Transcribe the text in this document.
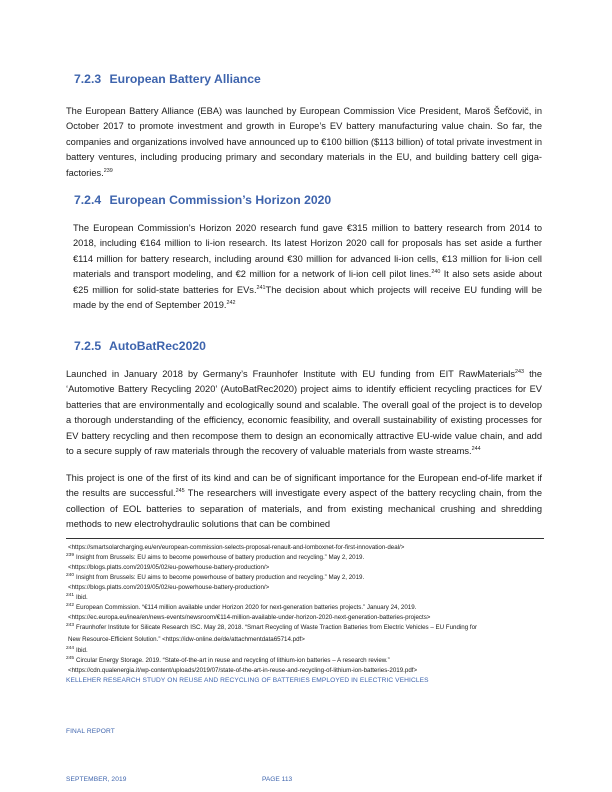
7.2.3 European Battery Alliance

The European Battery Alliance (EBA) was launched by European Commission Vice President, Maroš Šefčovič, in October 2017 to promote investment and growth in Europe’s EV battery manufacturing value chain. So far, the companies and organizations involved have announced up to €100 billion ($113 billion) of total private investment in battery ventures, including producing primary and secondary materials in the EU, and building battery cell giga-factories.$^{239}$

7.2.4 European Commission’s Horizon 2020

The European Commission’s Horizon 2020 research fund gave €315 million to battery research from 2014 to 2018, including €164 million to li-ion research. Its latest Horizon 2020 call for proposals has set aside a further €114 million for battery research, including around €30 million for advanced li-ion cells, €13 million for li-ion cell materials and transport modeling, and €2 million for a network of li-ion cell pilot lines.$^{240}$ It also sets aside about €25 million for solid-state batteries for EVs.$^{241}$The decision about which projects will receive EU funding will be made by the end of September 2019.$^{242}$

7.2.5 AutoBatRec2020

Launched in January 2018 by Germany’s Fraunhofer Institute with EU funding from EIT RawMaterials$^{243}$ the ‘Automotive Battery Recycling 2020’ (AutoBatRec2020) project aims to identify efficient recycling practices for EV batteries that are environmentally and ecologically sound and scalable. The overall goal of the project is to develop a thorough understanding of the efficiency, economic feasibility, and overall sustainability of existing processes for EV battery recycling and then recompose them to design an economically attractive EU-wide value chain, and add to a secure supply of raw materials through the recovery of valuable materials from waste streams.$^{244}$

This project is one of the first of its kind and can be of significant importance for the European end-of-life market if the results are successful.$^{245}$ The researchers will investigate every aspect of the battery recycling chain, from the collection of EOL batteries to separation of materials, and from existing mechanical crushing and shredding methods to new electrohydraulic solutions that can be combined

<https://smartsolarcharging.eu/en/european-commission-selects-proposal-renault-and-lomboxnet-for-first-innovation-deal/>

$^{239}$ Insight from Brussels: EU aims to become powerhouse of battery production and recycling.” May 2, 2019.

<https://blogs.platts.com/2019/05/02/eu-powerhouse-battery-production/>

$^{240}$ Insight from Brussels: EU aims to become powerhouse of battery production and recycling.” May 2, 2019.

<https://blogs.platts.com/2019/05/02/eu-powerhouse-battery-production/>

$^{241}$ Ibid.

$^{242}$ European Commission. “€114 million available under Horizon 2020 for next-generation batteries projects.” January 24, 2019.

<https://ec.europa.eu/inea/en/news-events/newsroom/€114-million-available-under-horizon-2020-next-generation-batteries-projects>

$^{243}$ Fraunhofer Institute for Silicate Research ISC. May 28, 2018. “Smart Recycling of Waste Traction Batteries from Electric Vehicles – EU Funding for

New Resource-Efficient Solution.” <https://idw-online.de/de/attachmentdata65714.pdf>

$^{244}$ Ibid.

$^{245}$ Circular Energy Storage. 2019. “State-of-the-art in reuse and recycling of lithium-ion batteries – A research review.”

<https://cdn.qualenergia.it/wp-content/uploads/2019/07/state-of-the-art-in-reuse-and-recycling-of-lithium-ion-batteries-2019.pdf>

KELLEHER RESEARCH STUDY ON REUSE AND RECYCLING OF BATTERIES EMPLOYED IN ELECTRIC VEHICLES

FINAL REPORT

SEPTEMBER, 2019	PAGE 113
